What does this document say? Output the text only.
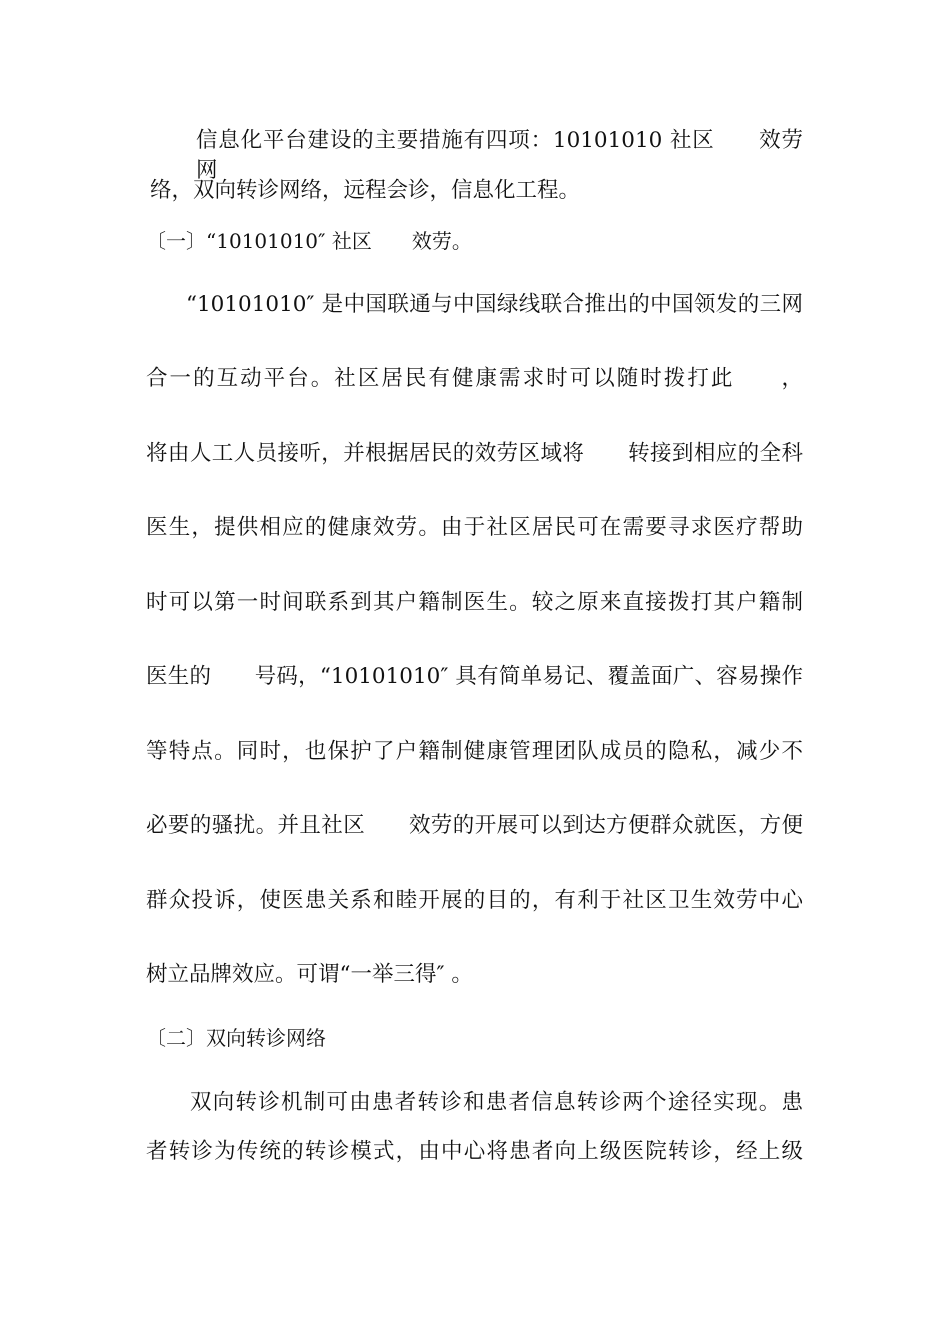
信息化平台建设的主要措施有四项：10101010 社区　　效劳网
络，双向转诊网络，远程会诊，信息化工程。
〔一〕“10101010″ 社区　　效劳。
“10101010″ 是中国联通与中国绿线联合推出的中国领发的三网
合一的互动平台。社区居民有健康需求时可以随时拨打此　　，
将由人工人员接听，并根据居民的效劳区域将　　转接到相应的全科
医生，提供相应的健康效劳。由于社区居民可在需要寻求医疗帮助
时可以第一时间联系到其户籍制医生。较之原来直接拨打其户籍制
医生的　　号码，“10101010″ 具有简单易记、覆盖面广、容易操作
等特点。同时，也保护了户籍制健康管理团队成员的隐私，减少不
必要的骚扰。并且社区　　效劳的开展可以到达方便群众就医，方便
群众投诉，使医患关系和睦开展的目的，有利于社区卫生效劳中心
树立品牌效应。可谓“一举三得″ 。
〔二〕双向转诊网络
双向转诊机制可由患者转诊和患者信息转诊两个途径实现。患
者转诊为传统的转诊模式，由中心将患者向上级医院转诊，经上级
